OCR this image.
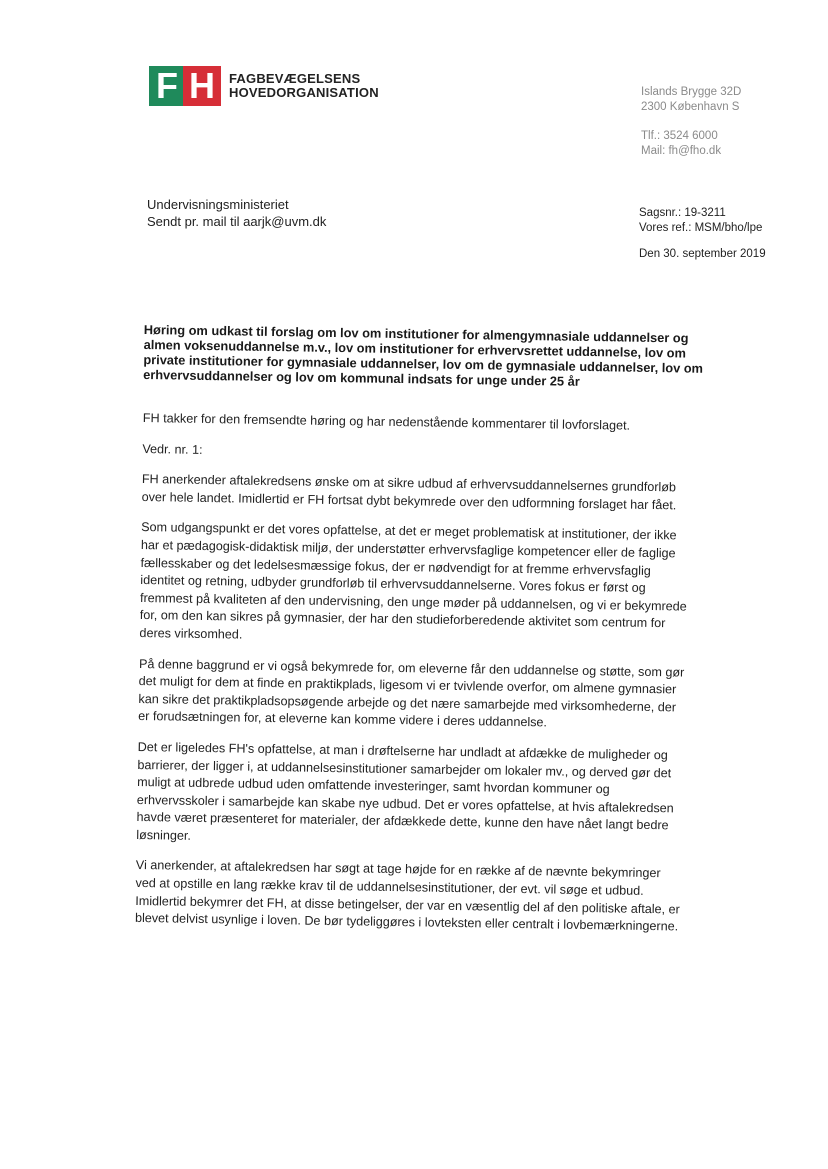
F H	FAGBEVÆGELSENS
HOVEDORGANISATION	Islands Brygge 32D
2300 København S
Tlf.: 3524 6000
Mail: fh@fho.dk
Undervisningsministeriet
Sendt pr. mail til aarjk@uvm.dk
Sagsnr.: 19-3211
Vores ref.: MSM/bho/lpe
Den 30. september 2019
Høring om udkast til forslag om lov om institutioner for almengymnasiale uddannelser og almen voksenuddannelse m.v., lov om institutioner for erhvervsrettet uddannelse, lov om private institutioner for gymnasiale uddannelser, lov om de gymnasiale uddannelser, lov om erhvervsuddannelser og lov om kommunal indsats for unge under 25 år

FH takker for den fremsendte høring og har nedenstående kommentarer til lovforslaget.

Vedr. nr. 1:

FH anerkender aftalekredsens ønske om at sikre udbud af erhvervsuddannelsernes grundforløb over hele landet. Imidlertid er FH fortsat dybt bekymrede over den udformning forslaget har fået.

Som udgangspunkt er det vores opfattelse, at det er meget problematisk at institutioner, der ikke har et pædagogisk-didaktisk miljø, der understøtter erhvervsfaglige kompetencer eller de faglige fællesskaber og det ledelsesmæssige fokus, der er nødvendigt for at fremme erhvervsfaglig identitet og retning, udbyder grundforløb til erhvervsuddannelserne. Vores fokus er først og fremmest på kvaliteten af den undervisning, den unge møder på uddannelsen, og vi er bekymrede for, om den kan sikres på gymnasier, der har den studieforberedende aktivitet som centrum for deres virksomhed.

På denne baggrund er vi også bekymrede for, om eleverne får den uddannelse og støtte, som gør det muligt for dem at finde en praktikplads, ligesom vi er tvivlende overfor, om almene gymnasier kan sikre det praktikpladsopsøgende arbejde og det nære samarbejde med virksomhederne, der er forudsætningen for, at eleverne kan komme videre i deres uddannelse.

Det er ligeledes FH's opfattelse, at man i drøftelserne har undladt at afdække de muligheder og barrierer, der ligger i, at uddannelsesinstitutioner samarbejder om lokaler mv., og derved gør det muligt at udbrede udbud uden omfattende investeringer, samt hvordan kommuner og erhvervsskoler i samarbejde kan skabe nye udbud. Det er vores opfattelse, at hvis aftalekredsen havde været præsenteret for materialer, der afdækkede dette, kunne den have nået langt bedre løsninger.

Vi anerkender, at aftalekredsen har søgt at tage højde for en række af de nævnte bekymringer ved at opstille en lang række krav til de uddannelsesinstitutioner, der evt. vil søge et udbud. Imidlertid bekymrer det FH, at disse betingelser, der var en væsentlig del af den politiske aftale, er blevet delvist usynlige i loven. De bør tydeliggøres i lovteksten eller centralt i lovbemærkningerne.
